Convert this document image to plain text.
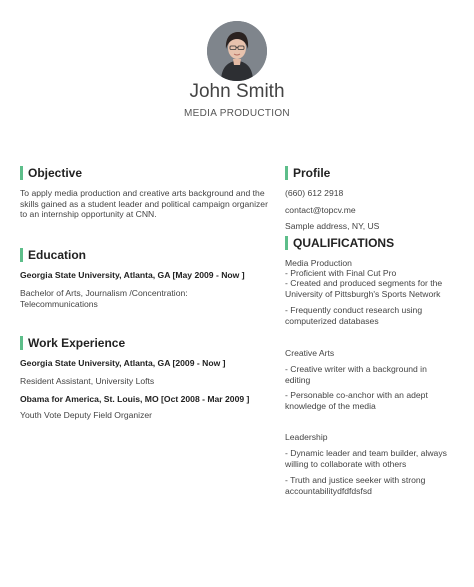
John Smith
MEDIA PRODUCTION
Objective
To apply media production and creative arts background and the skills gained as a student leader and political campaign organizer to an internship opportunity at CNN.
Education
Georgia State University, Atlanta, GA [May 2009 - Now ]
Bachelor of Arts, Journalism /Concentration: Telecommunications
Work Experience
Georgia State University, Atlanta, GA [2009 - Now ]
Resident Assistant, University Lofts
Obama for America, St. Louis, MO [Oct 2008 - Mar 2009 ]
Youth Vote Deputy Field Organizer
Profile
(660) 612 2918
contact@topcv.me
Sample address, NY, US
QUALIFICATIONS
Media Production
- Proficient with Final Cut Pro
- Created and produced segments for the University of Pittsburgh's Sports Network
- Frequently conduct research using computerized databases
Creative Arts
- Creative writer with a background in editing
- Personable co-anchor with an adept knowledge of the media
Leadership
- Dynamic leader and team builder, always willing to collaborate with others
- Truth and justice seeker with strong accountabilitydfdfdsfsd
